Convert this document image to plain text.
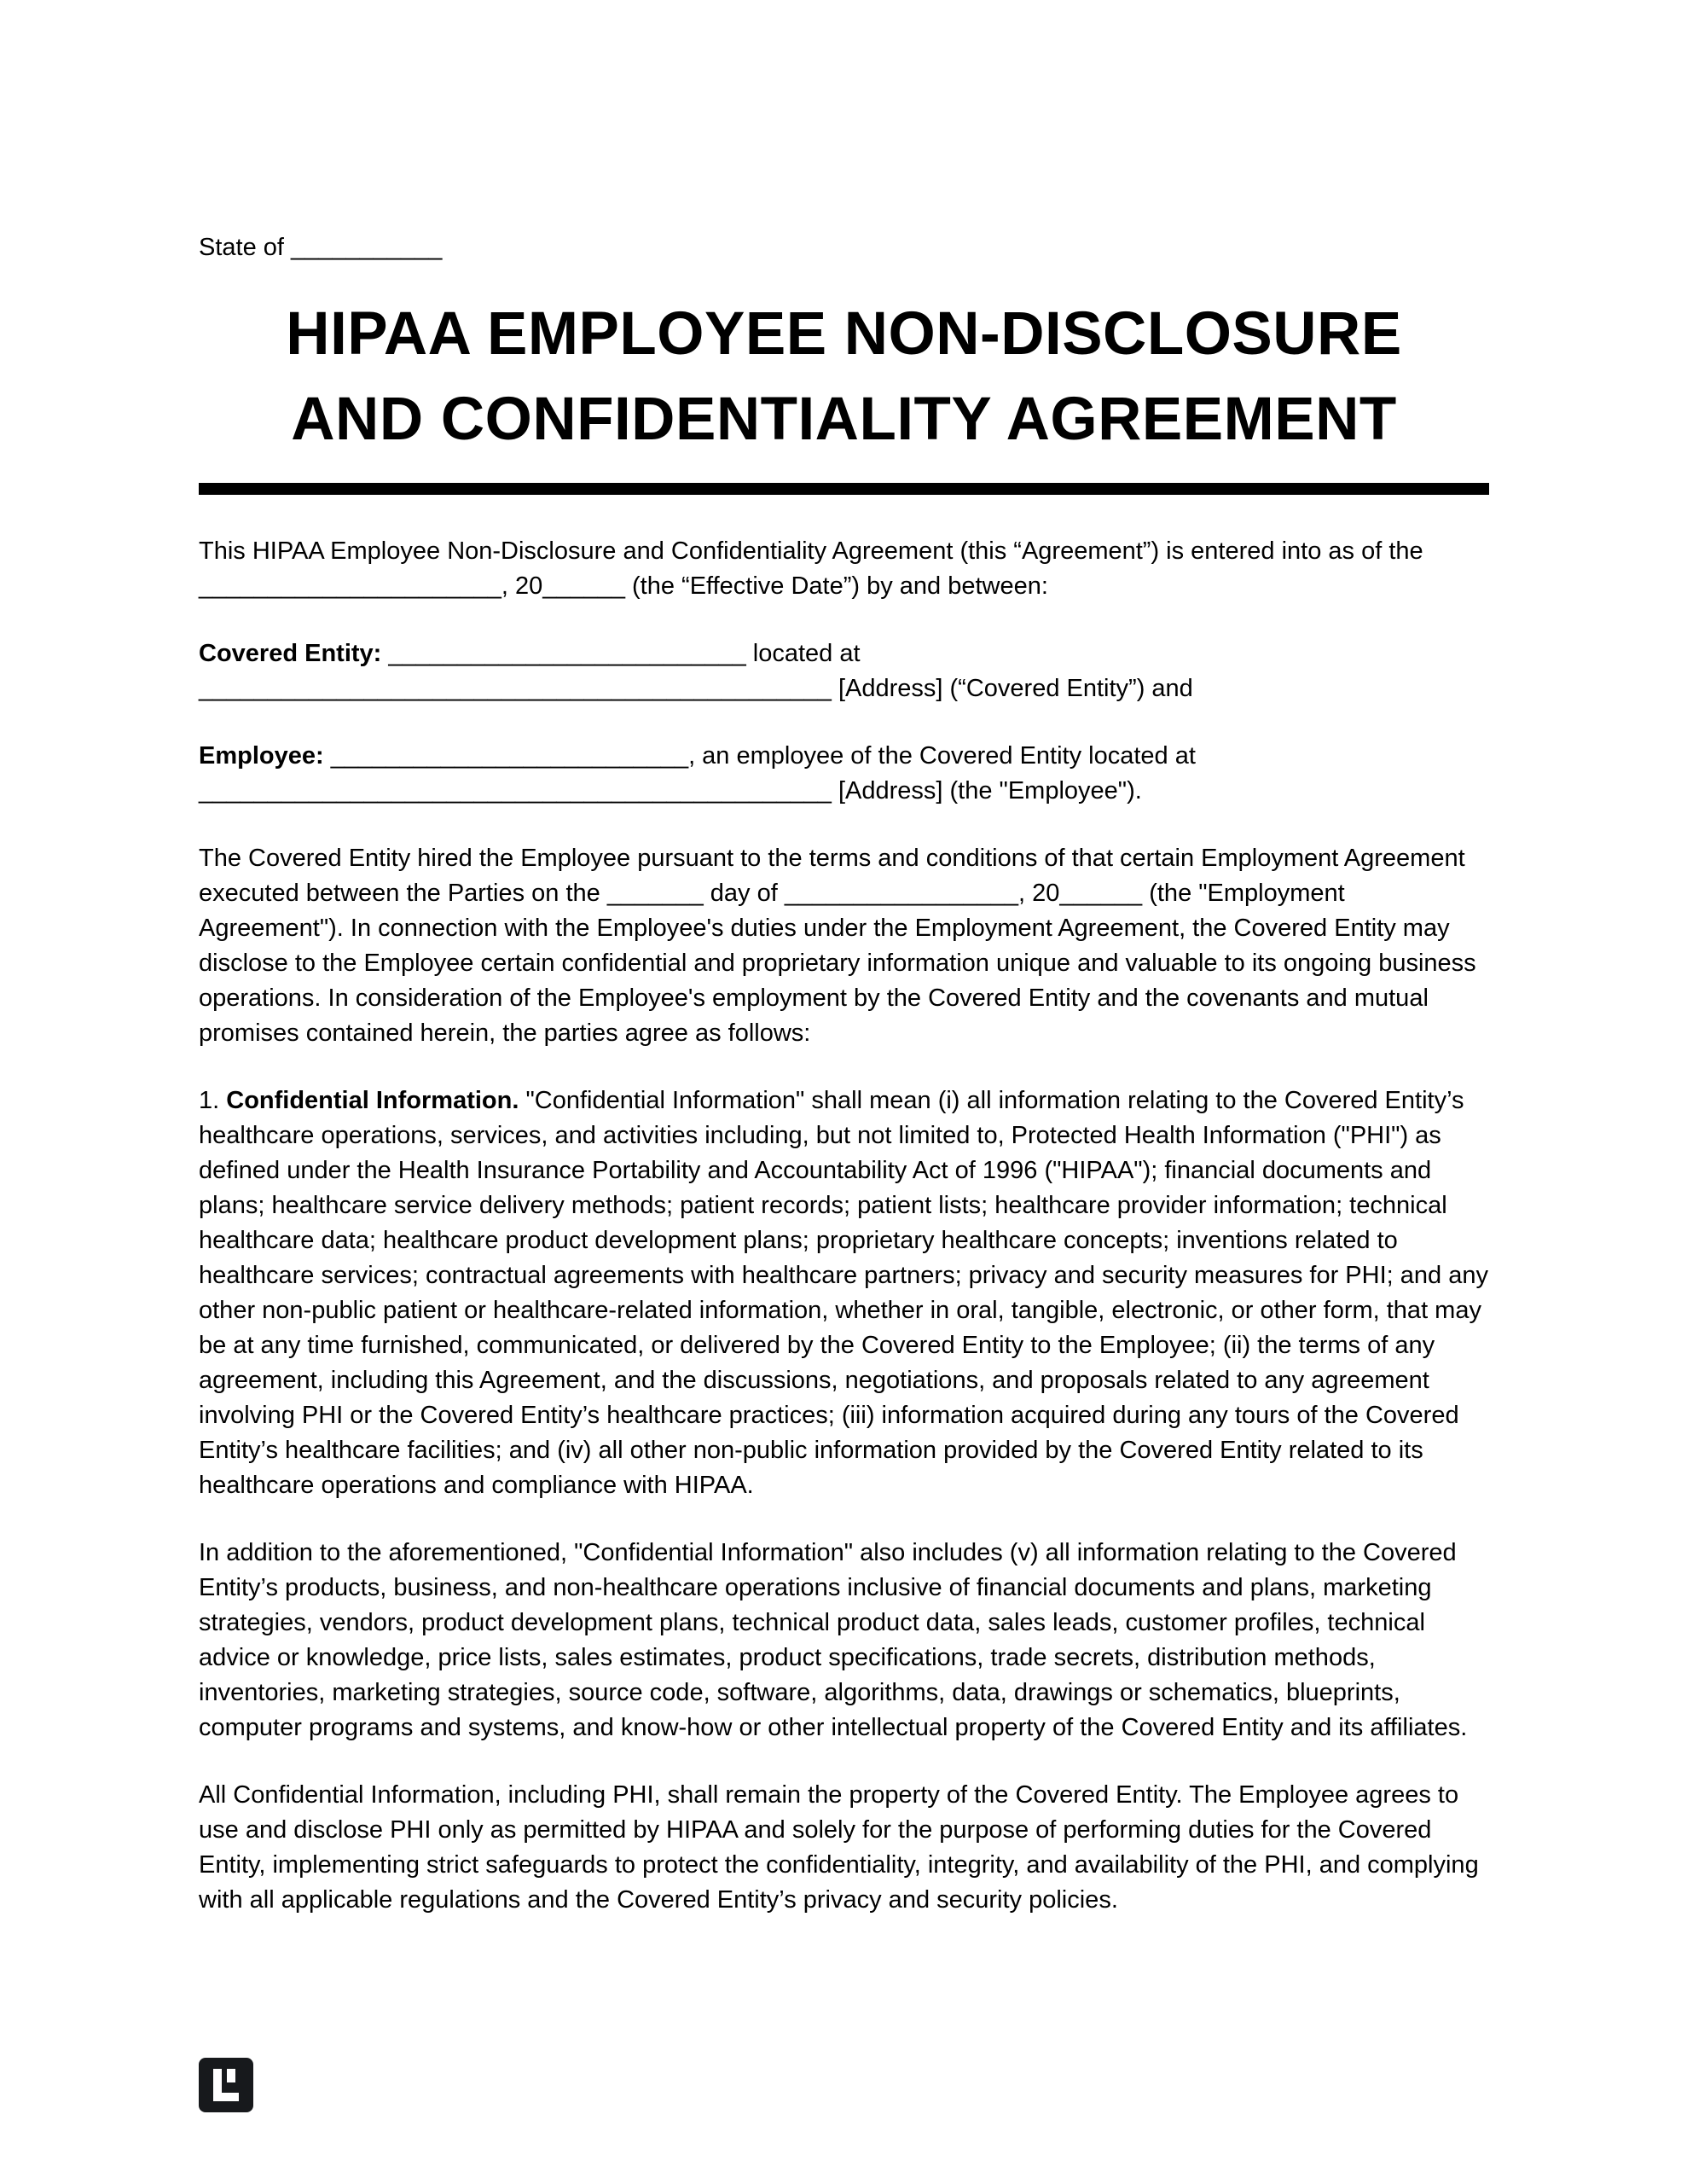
State of ___________
HIPAA EMPLOYEE NON-DISCLOSURE
AND CONFIDENTIALITY AGREEMENT

This HIPAA Employee Non-Disclosure and Confidentiality Agreement (this “Agreement”) is entered into as of the ______________________, 20______ (the “Effective Date”) by and between:

Covered Entity: __________________________ located at
______________________________________________ [Address] (“Covered Entity”) and

Employee: __________________________, an employee of the Covered Entity located at
______________________________________________ [Address] (the "Employee").

The Covered Entity hired the Employee pursuant to the terms and conditions of that certain Employment Agreement executed between the Parties on the _______ day of _________________, 20______ (the "Employment Agreement"). In connection with the Employee's duties under the Employment Agreement, the Covered Entity may disclose to the Employee certain confidential and proprietary information unique and valuable to its ongoing business operations. In consideration of the Employee's employment by the Covered Entity and the covenants and mutual promises contained herein, the parties agree as follows:

1. Confidential Information. "Confidential Information" shall mean (i) all information relating to the Covered Entity’s healthcare operations, services, and activities including, but not limited to, Protected Health Information ("PHI") as defined under the Health Insurance Portability and Accountability Act of 1996 ("HIPAA"); financial documents and plans; healthcare service delivery methods; patient records; patient lists; healthcare provider information; technical healthcare data; healthcare product development plans; proprietary healthcare concepts; inventions related to healthcare services; contractual agreements with healthcare partners; privacy and security measures for PHI; and any other non-public patient or healthcare-related information, whether in oral, tangible, electronic, or other form, that may be at any time furnished, communicated, or delivered by the Covered Entity to the Employee; (ii) the terms of any agreement, including this Agreement, and the discussions, negotiations, and proposals related to any agreement involving PHI or the Covered Entity’s healthcare practices; (iii) information acquired during any tours of the Covered Entity’s healthcare facilities; and (iv) all other non-public information provided by the Covered Entity related to its healthcare operations and compliance with HIPAA.

In addition to the aforementioned, "Confidential Information" also includes (v) all information relating to the Covered Entity’s products, business, and non-healthcare operations inclusive of financial documents and plans, marketing strategies, vendors, product development plans, technical product data, sales leads, customer profiles, technical advice or knowledge, price lists, sales estimates, product specifications, trade secrets, distribution methods, inventories, marketing strategies, source code, software, algorithms, data, drawings or schematics, blueprints, computer programs and systems, and know-how or other intellectual property of the Covered Entity and its affiliates.

All Confidential Information, including PHI, shall remain the property of the Covered Entity. The Employee agrees to use and disclose PHI only as permitted by HIPAA and solely for the purpose of performing duties for the Covered Entity, implementing strict safeguards to protect the confidentiality, integrity, and availability of the PHI, and complying with all applicable regulations and the Covered Entity’s privacy and security policies.
